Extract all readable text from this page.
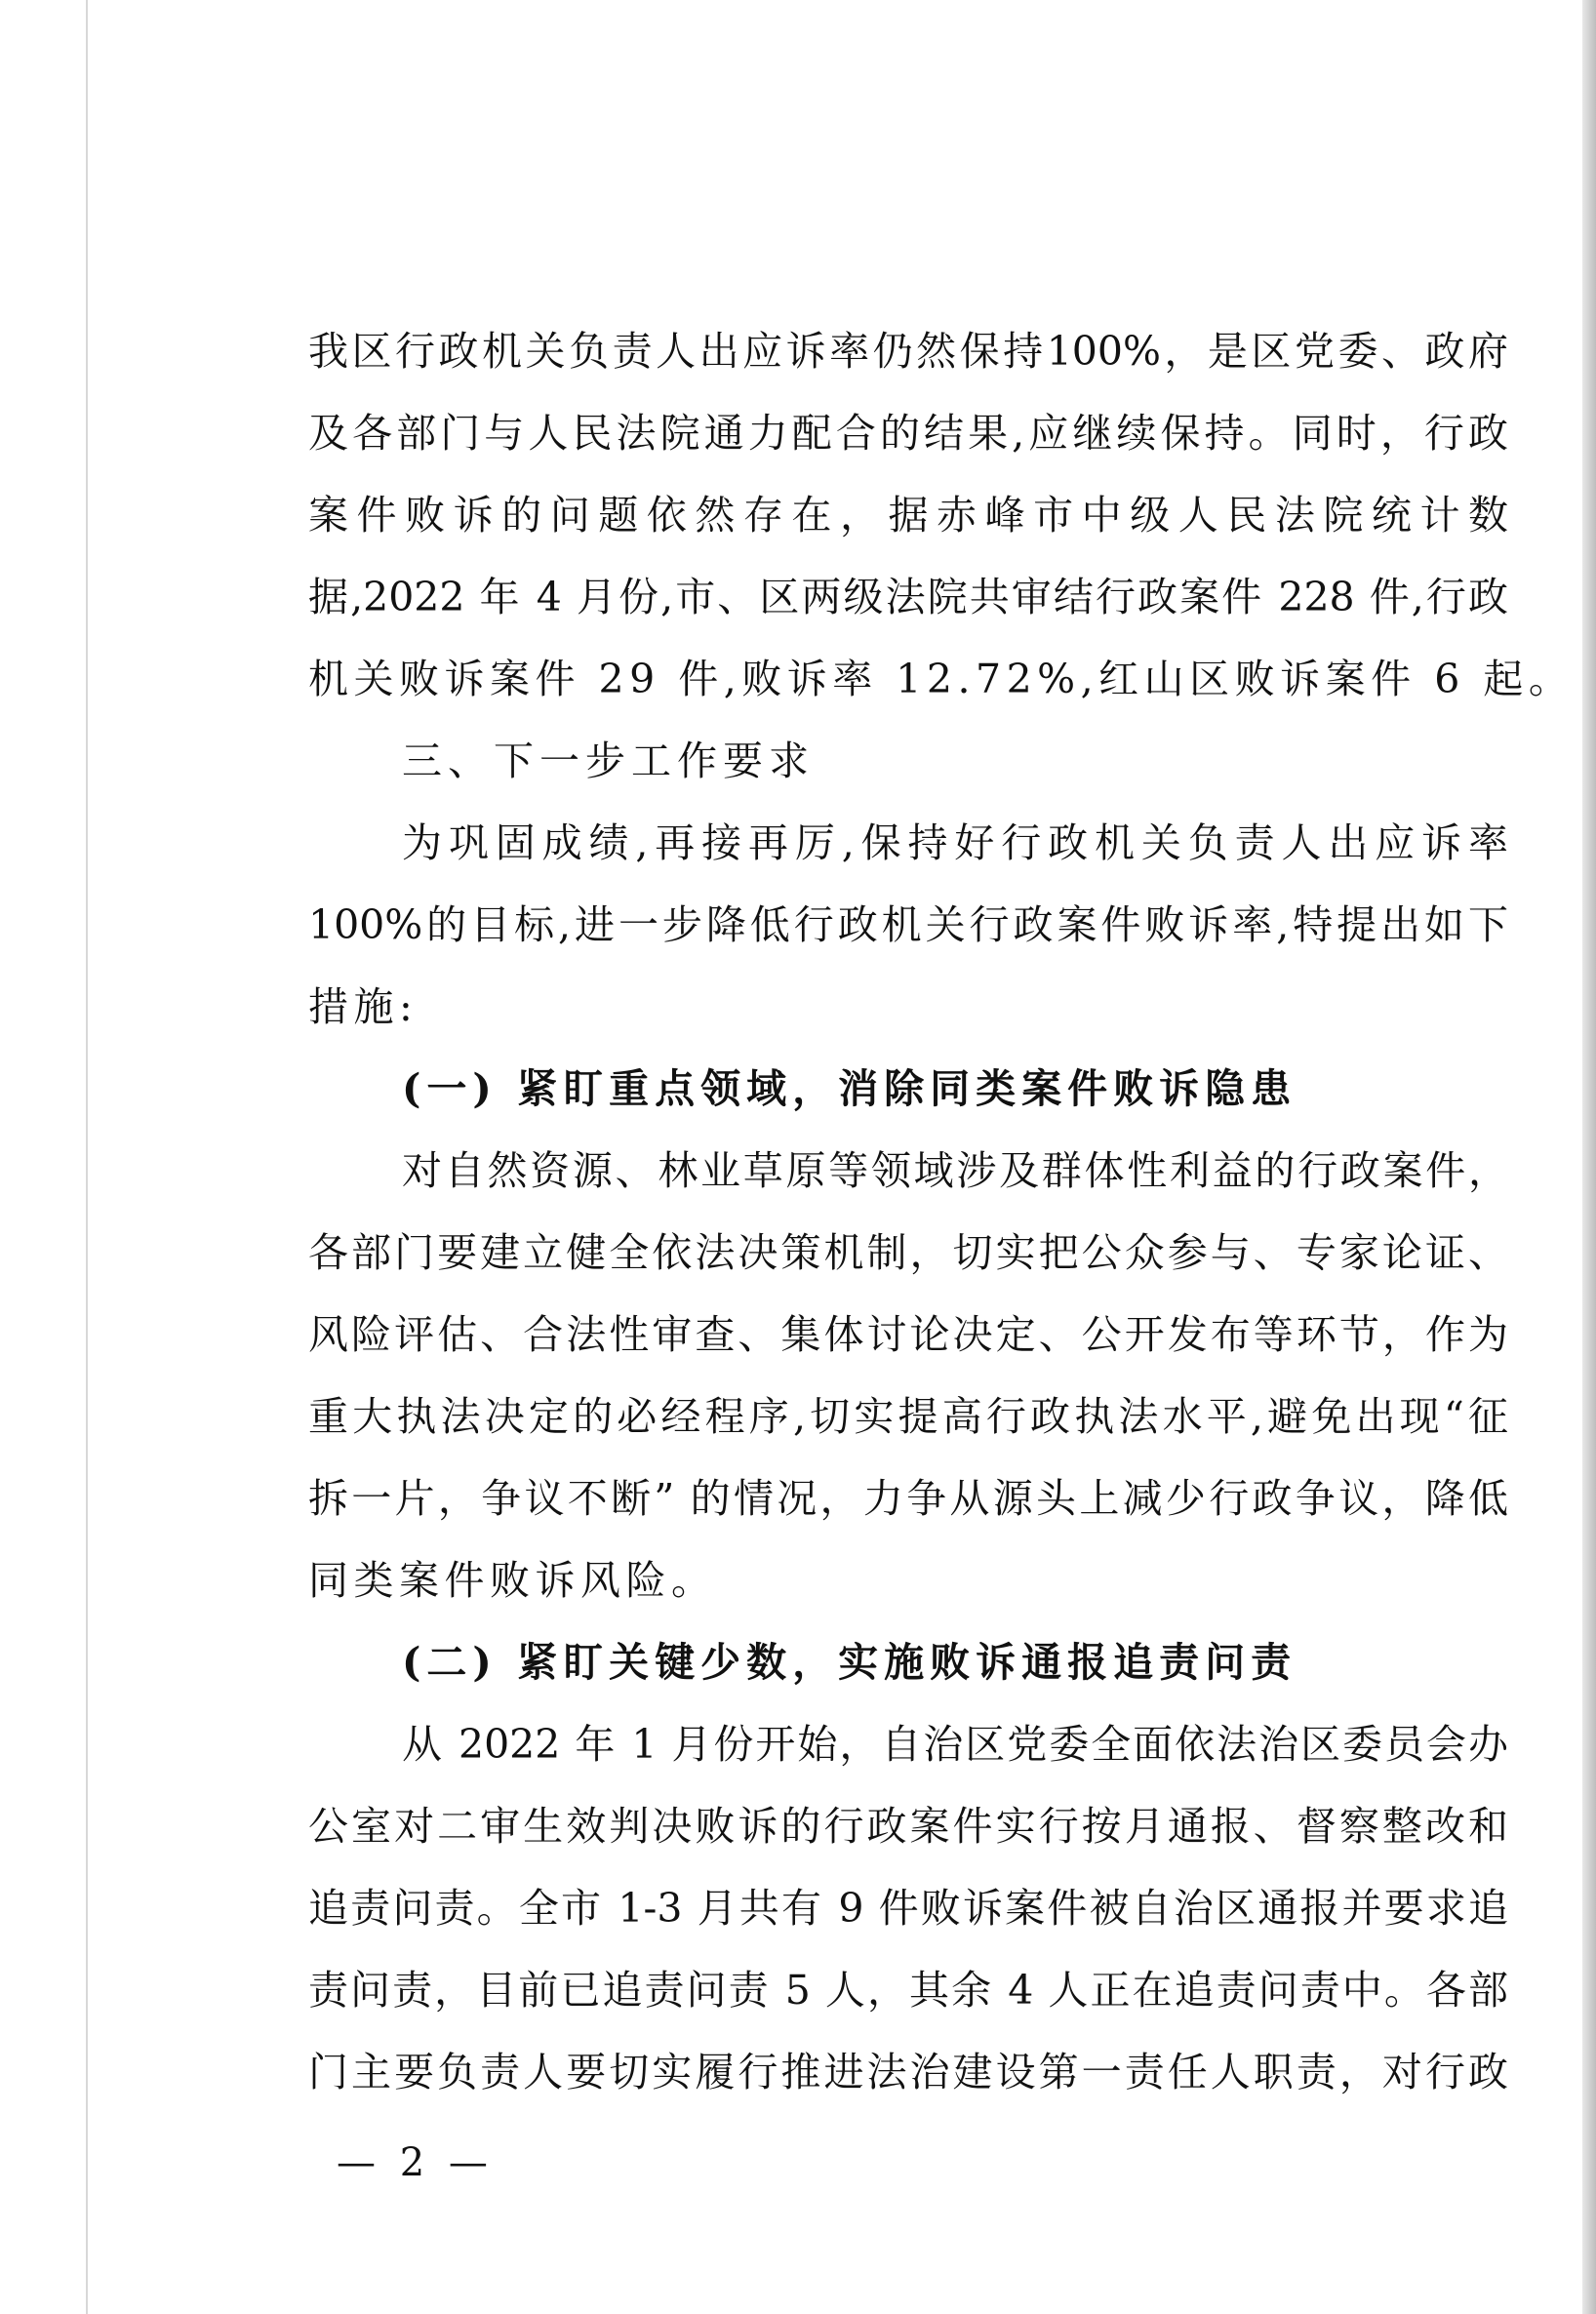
我区行政机关负责人出应诉率仍然保持100%，是区党委、政府
及各部门与人民法院通力配合的结果,应继续保持。同时，行政
案件败诉的问题依然存在，据赤峰市中级人民法院统计数
据,2022 年 4 月份,市、区两级法院共审结行政案件 228 件,行政
机关败诉案件 29 件,败诉率 12.72%,红山区败诉案件 6 起。
三、下一步工作要求
为巩固成绩,再接再厉,保持好行政机关负责人出应诉率
100%的目标,进一步降低行政机关行政案件败诉率,特提出如下
措施:
(一) 紧盯重点领域，消除同类案件败诉隐患
对自然资源、林业草原等领域涉及群体性利益的行政案件，
各部门要建立健全依法决策机制，切实把公众参与、专家论证、
风险评估、合法性审查、集体讨论决定、公开发布等环节，作为
重大执法决定的必经程序,切实提高行政执法水平,避免出现“征
拆一片，争议不断” 的情况，力争从源头上减少行政争议，降低
同类案件败诉风险。
(二) 紧盯关键少数，实施败诉通报追责问责
从 2022 年 1 月份开始，自治区党委全面依法治区委员会办
公室对二审生效判决败诉的行政案件实行按月通报、督察整改和
追责问责。全市 1-3 月共有 9 件败诉案件被自治区通报并要求追
责问责，目前已追责问责 5 人，其余 4 人正在追责问责中。各部
门主要负责人要切实履行推进法治建设第一责任人职责，对行政
— 2 —
